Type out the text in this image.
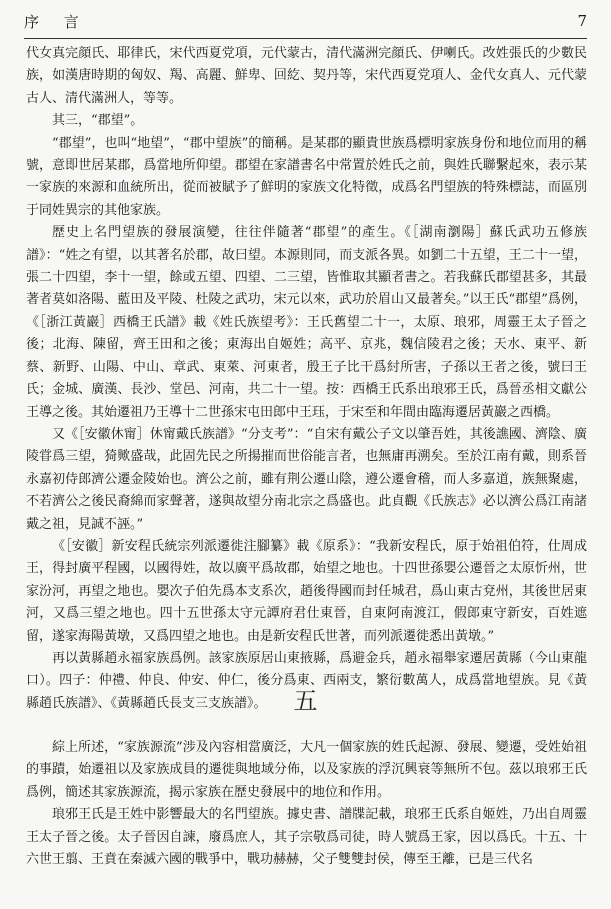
序 言	7

代女真完顔氏、耶律氏，宋代西夏党項，元代蒙古，清代滿洲完顔氏、伊喇氏。改姓張氏的少數民族，如漢唐時期的匈奴、羯、高麗、鮮卑、回紇、契丹等，宋代西夏党項人、金代女真人、元代蒙古人、清代滿洲人，等等。

其三，“郡望”。

“郡望”，也叫“地望”，“郡中望族”的簡稱。是某郡的顯貴世族爲標明家族身份和地位而用的稱號，意即世居某郡，爲當地所仰望。郡望在家譜書名中常置於姓氏之前，與姓氏聯繫起來，表示某一家族的來源和血統所出，從而被賦予了鮮明的家族文化特徵，成爲名門望族的特殊標誌，而區別于同姓異宗的其他家族。

歷史上名門望族的發展演變，往往伴隨著“郡望”的產生。《［湖南瀏陽］蘇氏武功五修族譜》：“姓之有望，以其著名於郡，故曰望。本源則同，而支派各異。如劉二十五望，王二十一望，張二十四望，李十一望，餘或五望、四望、二三望，皆惟取其顯者書之。若我蘇氏郡望甚多，其最著者莫如洛陽、藍田及平陵、杜陵之武功，宋元以來，武功於眉山又最著矣。”以王氏“郡望”爲例，《［浙江黃巖］西橋王氏譜》載《姓氏族望考》：王氏舊望二十一，太原、琅邪，周靈王太子晉之後；北海、陳留，齊王田和之後；東海出自姬姓；高平、京兆，魏信陵君之後；天水、東平、新蔡、新野、山陽、中山、章武、東萊、河東者，殷王子比干爲紂所害，子孫以王者之後，號曰王氏；金城、廣漢、長沙、堂邑、河南，共二十一望。按：西橋王氏系出琅邪王氏，爲晉丞相文獻公王導之後。其始遷祖乃王導十二世孫宋屯田郎中王珏，于宋至和年間由臨海遷居黃巖之西橋。

又《［安徽休甯］休甯戴氏族譜》“分支考”：“自宋有戴公子文以肇吾姓，其後譙國、濟陰、廣陵甞爲三望，猗歟盛哉，此固先民之所揚摧而世俗能言者，也無庸再溯矣。至於江南有戴，則系晉永嘉初侍郎濟公遷金陵始也。濟公之前，雖有荆公遷山陰，遵公遷會稽，而人多嘉道，族無聚處，不若濟公之後民裔綿而家聲著，遂與故望分南北宗之爲盛也。此貞觀《氏族志》必以濟公爲江南諸戴之祖，見誠不誣。”

《［安徽］新安程氏統宗列派遷徙注腳纂》載《原系》：“我新安程氏，原于始祖伯符，仕周成王，得封廣平程國，以國得姓，故以廣平爲故郡，始望之地也。十四世孫嬰公遷晉之太原忻州，世家汾河，再望之地也。嬰次子伯先爲本支系次，趙後得國而封任城君，爲山東古兗州，其後世居東河，又爲三望之地也。四十五世孫太守元譚府君仕東晉，自東阿南渡江，假郎東守新安，百姓遮留，遂家海陽黃墩，又爲四望之地也。由是新安程氏世著，而列派遷徙悉出黃墩。”

再以黃縣趙永福家族爲例。該家族原居山東掖縣，爲避金兵，趙永福舉家遷居黃縣（今山東龍口）。四子：仲禮、仲良、仲安、仲仁，後分爲東、西兩支，繁衍數萬人，成爲當地望族。見《黃縣趙氏族譜》、《黃縣趙氏長支三支族譜》。	五

綜上所述，“家族源流”涉及內容相當廣泛，大凡一個家族的姓氏起源、發展、變遷，受姓始祖的事蹟，始遷祖以及家族成員的遷徙與地域分佈，以及家族的浮沉興衰等無所不包。茲以琅邪王氏爲例，簡述其家族源流，揭示家族在歷史發展中的地位和作用。

琅邪王氏是王姓中影響最大的名門望族。據史書、譜牒記載，琅邪王氏系自姬姓，乃出自周靈王太子晉之後。太子晉因自諫，廢爲庶人，其子宗敬爲司徒，時人號爲王家，因以爲氏。十五、十六世王翦、王賁在秦滅六國的戰爭中，戰功赫赫，父子雙雙封侯，傳至王離，已是三代名
